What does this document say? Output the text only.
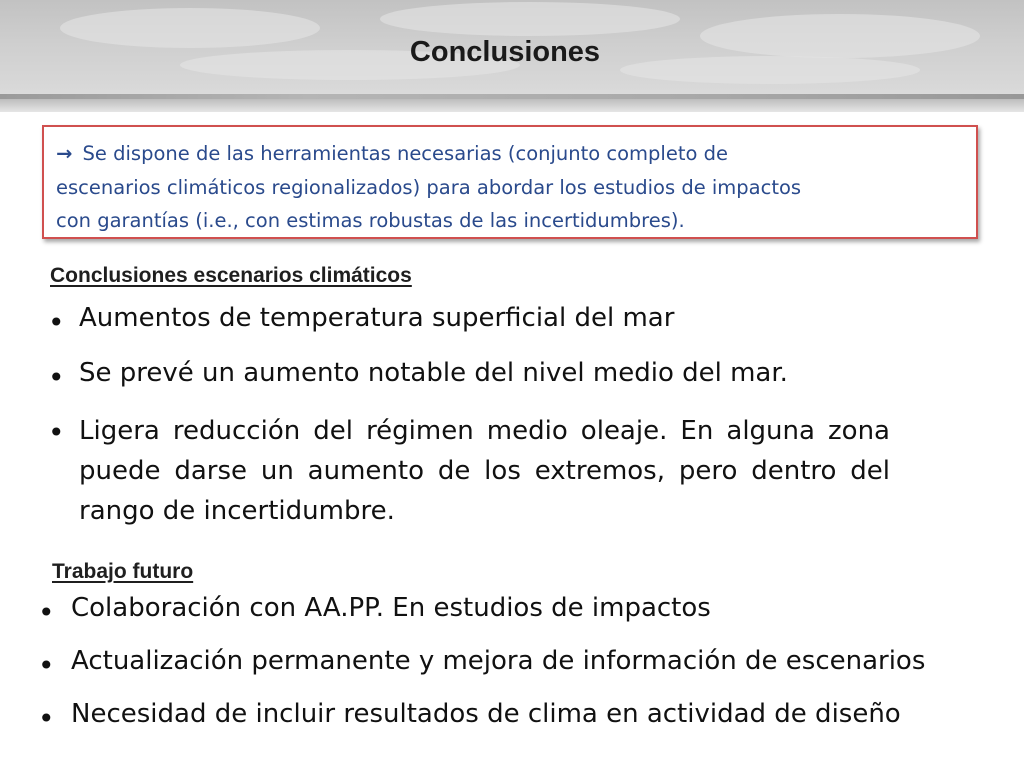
Conclusiones
→ Se dispone de las herramientas necesarias (conjunto completo de
escenarios climáticos regionalizados) para abordar los estudios de impactos
con garantías (i.e., con estimas robustas de las incertidumbres).
Conclusiones escenarios climáticos
• Aumentos de temperatura superficial del mar
• Se prevé un aumento notable del nivel medio del mar.
• Ligera reducción del régimen medio oleaje. En alguna zona puede darse un aumento de los extremos, pero dentro del rango de incertidumbre.
Trabajo futuro
• Colaboración con AA.PP. En estudios de impactos
• Actualización permanente y mejora de información de escenarios
• Necesidad de incluir resultados de clima en actividad de diseño
